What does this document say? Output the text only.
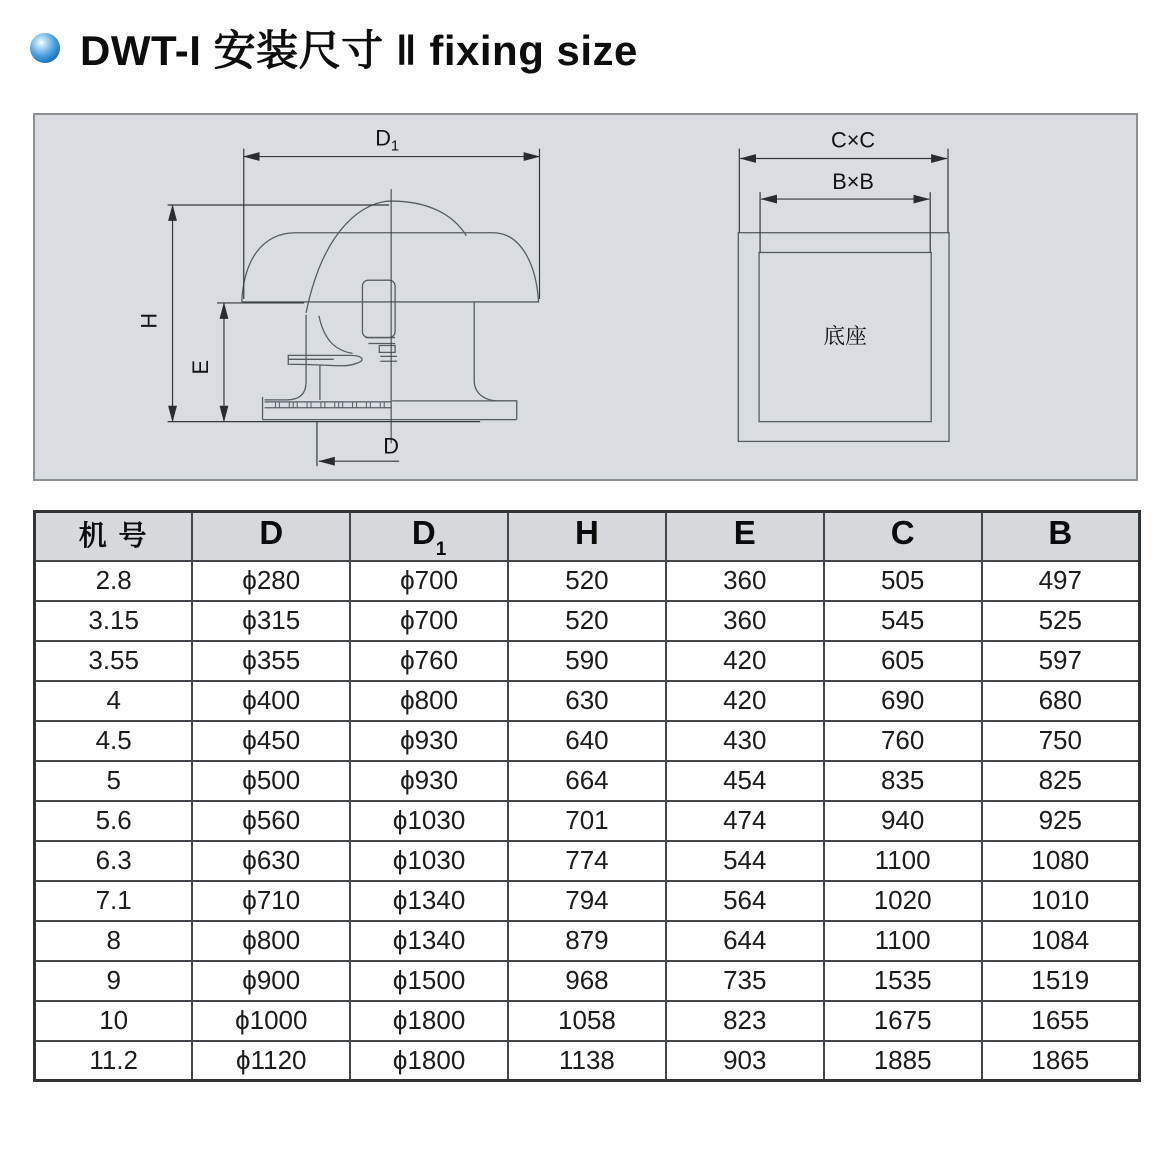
DWT-I 安装尺寸 ‖ fixing size
$D_1$
H
E
D
C×C
B×B
底座
机 号	D	$D_1$	H	E	C	B
2.8	ϕ280	ϕ700	520	360	505	497
3.15	ϕ315	ϕ700	520	360	545	525
3.55	ϕ355	ϕ760	590	420	605	597
4	ϕ400	ϕ800	630	420	690	680
4.5	ϕ450	ϕ930	640	430	760	750
5	ϕ500	ϕ930	664	454	835	825
5.6	ϕ560	ϕ1030	701	474	940	925
6.3	ϕ630	ϕ1030	774	544	1100	1080
7.1	ϕ710	ϕ1340	794	564	1020	1010
8	ϕ800	ϕ1340	879	644	1100	1084
9	ϕ900	ϕ1500	968	735	1535	1519
10	ϕ1000	ϕ1800	1058	823	1675	1655
11.2	ϕ1120	ϕ1800	1138	903	1885	1865
